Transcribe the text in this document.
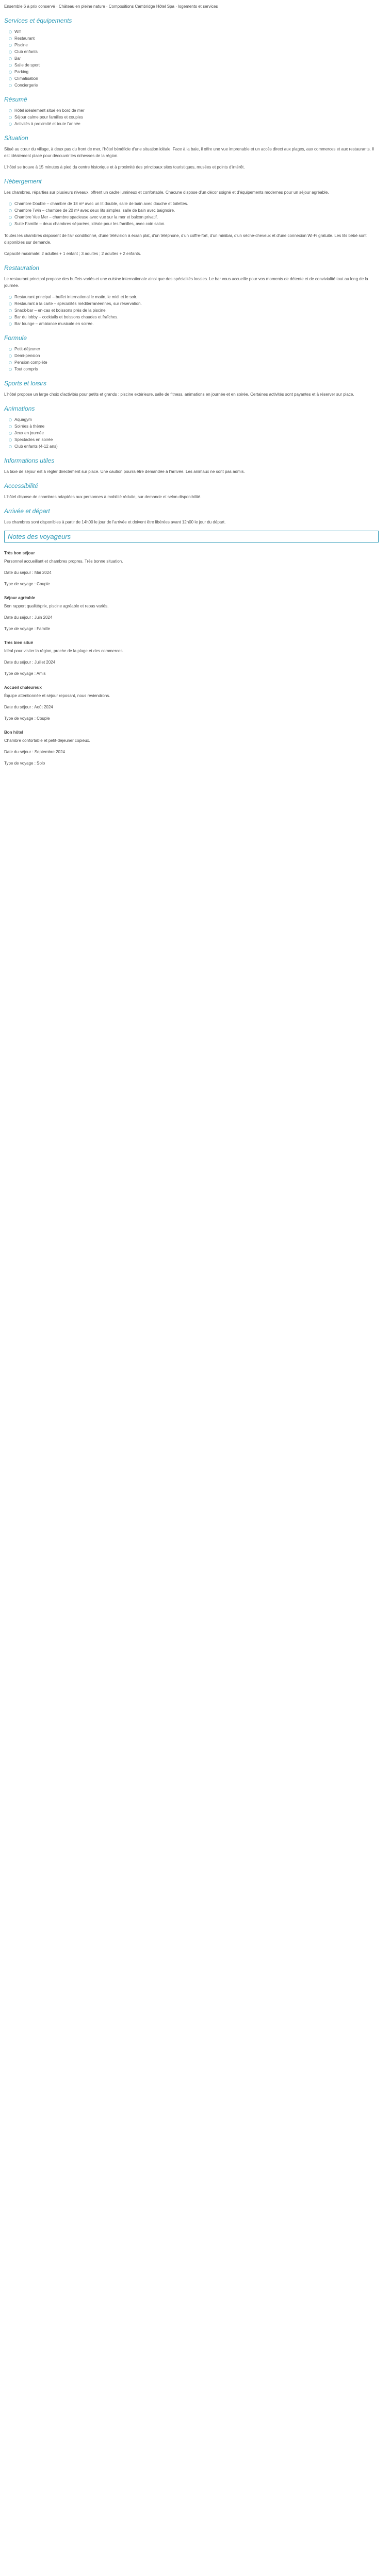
Ensemble 6 à prix conservé · Château en pleine nature · Compositions Cambridge Hôtel Spa · logements et services

Services et équipements
Wifi
Restaurant
Piscine
Club enfants
Bar
Salle de sport
Parking
Climatisation
Conciergerie
Résumé
Hôtel idéalement situé en bord de mer
Séjour calme pour familles et couples
Activités à proximité et toute l'année
Situation

Situé au cœur du village, à deux pas du front de mer, l'hôtel bénéficie d'une situation idéale. Face à la baie, il offre une vue imprenable et un accès direct aux plages, aux commerces et aux restaurants. Il est idéalement placé pour découvrir les richesses de la région.

L'hôtel se trouve à 15 minutes à pied du centre historique et à proximité des principaux sites touristiques, musées et points d'intérêt.

Hébergement

Les chambres, réparties sur plusieurs niveaux, offrent un cadre lumineux et confortable. Chacune dispose d'un décor soigné et d'équipements modernes pour un séjour agréable.

Chambre Double – chambre de 18 m² avec un lit double, salle de bain avec douche et toilettes.
Chambre Twin – chambre de 20 m² avec deux lits simples, salle de bain avec baignoire.
Chambre Vue Mer – chambre spacieuse avec vue sur la mer et balcon privatif.
Suite Famille – deux chambres séparées, idéale pour les familles, avec coin salon.

Toutes les chambres disposent de l'air conditionné, d'une télévision à écran plat, d'un téléphone, d'un coffre-fort, d'un minibar, d'un sèche-cheveux et d'une connexion Wi-Fi gratuite. Les lits bébé sont disponibles sur demande.

Capacité maximale: 2 adultes + 1 enfant ; 3 adultes ; 2 adultes + 2 enfants.

Restauration

Le restaurant principal propose des buffets variés et une cuisine internationale ainsi que des spécialités locales. Le bar vous accueille pour vos moments de détente et de convivialité tout au long de la journée.

Restaurant principal – buffet international le matin, le midi et le soir.
Restaurant à la carte – spécialités méditerranéennes, sur réservation.
Snack-bar – en-cas et boissons près de la piscine.
Bar du lobby – cocktails et boissons chaudes et fraîches.
Bar lounge – ambiance musicale en soirée.
Formule
Petit-déjeuner
Demi-pension
Pension complète
Tout compris
Sports et loisirs

L'hôtel propose un large choix d'activités pour petits et grands : piscine extérieure, salle de fitness, animations en journée et en soirée. Certaines activités sont payantes et à réserver sur place.

Animations
Aquagym
Soirées à thème
Jeux en journée
Spectacles en soirée
Club enfants (4-12 ans)
Informations utiles

La taxe de séjour est à régler directement sur place. Une caution pourra être demandée à l'arrivée. Les animaux ne sont pas admis.

Accessibilité

L'hôtel dispose de chambres adaptées aux personnes à mobilité réduite, sur demande et selon disponibilité.

Arrivée et départ

Les chambres sont disponibles à partir de 14h00 le jour de l'arrivée et doivent être libérées avant 12h00 le jour du départ.

Notes des voyageurs
Très bon séjour

Personnel accueillant et chambres propres. Très bonne situation.

Date du séjour : Mai 2024

Type de voyage : Couple

Séjour agréable

Bon rapport qualité/prix, piscine agréable et repas variés.

Date du séjour : Juin 2024

Type de voyage : Famille

Très bien situé

Idéal pour visiter la région, proche de la plage et des commerces.

Date du séjour : Juillet 2024

Type de voyage : Amis

Accueil chaleureux

Équipe attentionnée et séjour reposant, nous reviendrons.

Date du séjour : Août 2024

Type de voyage : Couple

Bon hôtel

Chambre confortable et petit-déjeuner copieux.

Date du séjour : Septembre 2024

Type de voyage : Solo
